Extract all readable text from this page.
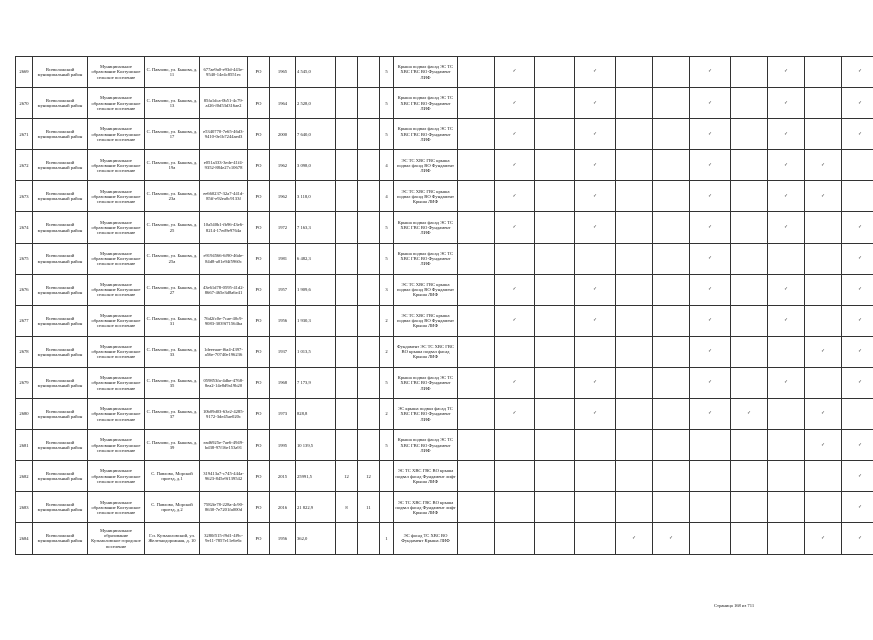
2669	Всеволожский муниципальный район	Муниципальное образование Колтушское сельское поселение	С. Павлово, ул. Быкова, д. 11	677ae9a0-e93d-443e-9540-14e4c8551ec	РО	1965	4 545,0			5	Крыша подвал фасад ЭС ТС ХВС ГВС ВО Фундамент ЛИФ		✓		✓			✓		✓		✓
2670	Всеволожский муниципальный район	Муниципальное образование Колтушское сельское поселение	С. Павлово, ул. Быкова, д. 13	85fa1dca-0b51-4c79-af26-f0d53d316ae2	РО	1964	2 528,0			5	Крыша подвал фасад ЭС ТС ХВС ГВС ВО Фундамент ЛИФ		✓		✓			✓		✓		✓
2671	Всеволожский муниципальный район	Муниципальное образование Колтушское сельское поселение	С. Павлово, ул. Быкова, д. 17	e5340770-7e65-46d3-9410-0e1b7244aed3	РО	2000	7 640,0			5	Крыша подвал фасад ЭС ТС ХВС ГВС ВО Фундамент ЛИФ		✓		✓			✓		✓		✓
2672	Всеволожский муниципальный район	Муниципальное образование Колтушское сельское поселение	С. Павлово, ул. Быкова, д. 19а	e051a333-3ede-41f4-9352-884e27c10678	РО	1962	3 098,0			4	ЭС ТС ХВС ГВС крыша подвал фасад ВО Фундамент ЛИФ		✓		✓			✓		✓	✓	
2673	Всеволожский муниципальный район	Муниципальное образование Колтушское сельское поселение	С. Павлово, ул. Быкова, д. 23а	ee660237-32a7-441d-85ff-e92ea0c9133f	РО	1962	3 118,0			4	ЭС ТС ХВС ГВС крыша подвал фасад ВО Фундамент Крыша ЛИФ		✓		✓			✓		✓	✓	
2674	Всеволожский муниципальный район	Муниципальное образование Колтушское сельское поселение	С. Павлово, ул. Быкова, д. 25	10a540b1-fb96-43e6-8214-17ed9e9764a	РО	1972	7 163,3			5	Крыша подвал фасад ЭС ТС ХВС ГВС ВО Фундамент ЛИФ		✓		✓			✓		✓		✓
2675	Всеволожский муниципальный район	Муниципальное образование Колтушское сельское поселение	С. Павлово, ул. Быкова, д. 25а	e9194566-6f90-46de-84d8-a01e94f5960c	РО	1981	6 482,3			5	Крыша подвал фасад ЭС ТС ХВС ГВС ВО Фундамент ЛИФ							✓				✓
2676	Всеволожский муниципальный район	Муниципальное образование Колтушское сельское поселение	С. Павлово, ул. Быкова, д. 27	43e61d78-0595-41d2-8667-465e3d8a6e41	РО	1957	1 909,6			3	ЭС ТС ХВС ГВС крыша подвал фасад ВО Фундамент Крыша ЛИФ		✓		✓			✓		✓		✓
2677	Всеволожский муниципальный район	Муниципальное образование Колтушское сельское поселение	С. Павлово, ул. Быкова, д. 31	76d2fc0e-7cae-40c9-9083-3039f71564ba	РО	1956	1 930,3			2	ЭС ТС ХВС ГВС крыша подвал фасад ВО Фундамент Крыша ЛИФ		✓		✓			✓		✓		✓
2678	Всеволожский муниципальный район	Муниципальное образование Колтушское сельское поселение	С. Павлово, ул. Быкова, д. 33	1deeeaae-f6a4-4397-a56e-70740e196236	РО	1937	1 013,5			2	Фундамент ЭС ТС ХВС ГВС ВО крыша подвал фасад Крыша ЛИФ							✓			✓	✓
2679	Всеволожский муниципальный район	Муниципальное образование Колтушское сельское поселение	С. Павлово, ул. Быкова, д. 35	059853fa-4dbe-4768-8ea2-14e8d9a19b20	РО	1968	7 173,9			5	Крыша подвал фасад ЭС ТС ХВС ГВС ВО Фундамент ЛИФ		✓		✓			✓		✓		✓
2680	Всеволожский муниципальный район	Муниципальное образование Колтушское сельское поселение	С. Павлово, ул. Быкова, д. 37	10b09d03-63e2-4285-9172-3de45ae020c	РО	1973	828,8			2	ЭС крыша подвал фасад ТС ХВС ГВС ВО Фундамент ЛИФ		✓		✓			✓	✓		✓	
2681	Всеволожский муниципальный район	Муниципальное образование Колтушское сельское поселение	С. Павлово, ул. Быкова, д. 39	ead6925e-7ae6-4949-bd38-97f16e153a91	РО	1995	10 139,5			5	Крыша подвал фасад ЭС ТС ХВС ГВС ВО Фундамент ЛИФ										✓	✓
2682	Всеволожский муниципальный район	Муниципальное образование Колтушское сельское поселение	С. Павлово, Морской проезд, д.1	319413a7-c745-444a-9623-845e9f139542	РО	2015	25991,5	12	12		ЭС ТС ХВС ГВС ВО крыша подвал фасад Фундамент лифт Крыша ЛИФ											✓
2683	Всеволожский муниципальный район	Муниципальное образование Колтушское сельское поселение	С. Павлово, Морской проезд, д.2	7582fe78-228a-4c90-8630-7e7201fa000d	РО	2016	21 822,9	8	11		ЭС ТС ХВС ГВС ВО крыша подвал фасад Фундамент лифт Крыша ЛИФ											✓
2684	Всеволожский муниципальный район	Муниципальное образование Кузьмоловское городское поселение	Г.п. Кузьмоловский, ул. Железнодорожная, д. 10	3280f515-f9d1-4f9c-9e11-7857e11e6e6c	РО	1956	362,0			1	ЭС фасад ТС ХВС ВО Фундамент Крыша ЛИФ					✓	✓				✓	✓
Страница 168 из 711
